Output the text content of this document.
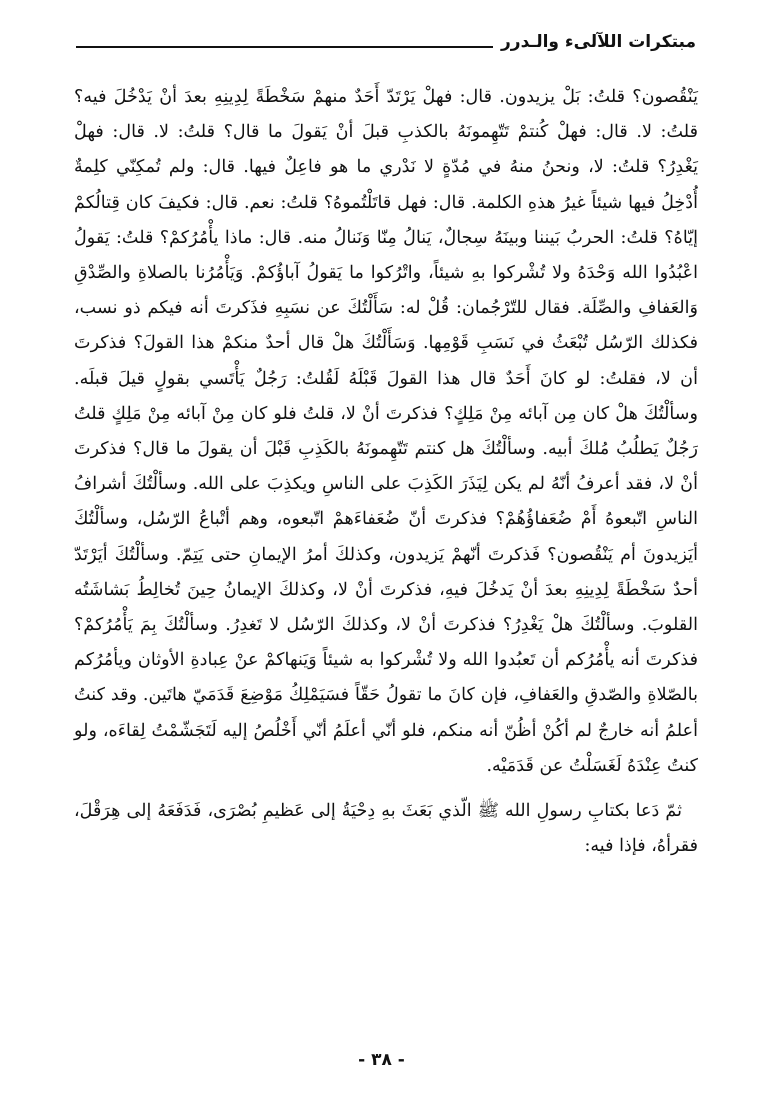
مبتكرات اللآلىء والـدرر

يَنْقُصون؟ قلتُ: بَلْ يزيدون. قال: فهلْ يَرْتَدّ أَحَدٌ منهمْ سَخْطَةً لِدِينِهِ بعدَ أنْ يَدْخُلَ فيه؟ قلتُ: لا. قال: فهلْ كُنتمْ تَتّهِمونَهُ بالكذبِ قبلَ أنْ يَقولَ ما قال؟ قلتُ: لا. قال: فهلْ يَغْدِرُ؟ قلتُ: لا، ونحنُ منهُ في مُدّةٍ لا نَدْري ما هو فاعِلٌ فيها. قال: ولم تُمكِنّي كلِمةٌ أُدْخِلُ فيها شيئاً غيرُ هذهِ الكلمة. قال: فهل قاتَلْتُموهُ؟ قلتُ: نعم. قال: فكيفَ كان قِتالُكمْ إيّاهُ؟ قلتُ: الحربُ بَيننا وبينَهُ سِجالٌ، يَنالُ مِنّا وَنَنالُ منه. قال: ماذا يأْمُرُكمْ؟ قلتُ: يَقولُ اعْبُدُوا الله وَحْدَهُ ولا تُشْركوا بهِ شيئاً، واتْرُكوا ما يَقولُ آباؤُكمْ. وَيَأْمُرُنا بالصلاةِ والصِّدْقِ وَالعَفافِ والصِّلَة. فقال للتّرْجُمان: قُلْ له: سَأَلْتُكَ عن نسَبِهِ فذَكرتَ أنه فيكم ذو نسب، فكذلك الرّسُل تُبْعَثُ في نَسَبِ قَوْمِها. وَسَأَلْتُكَ هلْ قال أحدٌ منكمْ هذا القولَ؟ فذكرتَ أن لا، فقلتُ: لو كانَ أَحَدٌ قال هذا القولَ قَبْلَهُ لَقُلتُ: رَجُلٌ يَأْتَسي بقولٍ قيلَ قبلَه. وسألْتُكَ هلْ كان مِن آبائه مِنْ مَلِكٍ؟ فذكرتَ أنْ لا، قلتُ فلو كان مِنْ آبائه مِنْ مَلِكٍ قلتُ رَجُلٌ يَطلُبُ مُلكَ أبيه. وسألْتُكَ هل كنتم تَتّهِمونَهُ بالكَذِبِ قَبْلَ أن يقولَ ما قال؟ فذكرتَ أنْ لا، فقد أعرفُ أنّهُ لم يكن لِيَذَرَ الكَذِبَ على الناسِ ويكذِبَ على الله. وسألْتُكَ أشرافُ الناسِ اتّبعوهُ أَمْ ضُعَفاؤُهُمْ؟ فذكرتَ أنّ ضُعَفاءَهمْ اتّبعوه، وهم أتْباعُ الرّسُل، وسألْتُكَ أيَزيدونَ أم يَنْقُصون؟ فَذكرتَ أنّهمْ يَزيدون، وكذلكَ أمرُ الإيمانِ حتى يَتِمّ. وسألْتُكَ أيَرْتَدّ أحدٌ سَخْطَةً لِدِينِهِ بعدَ أنْ يَدخُلَ فيهِ، فذكرتَ أنْ لا، وكذلكَ الإيمانُ حِينَ تُخالِطُ بَشاشَتُه القلوبَ. وسألْتُكَ هلْ يَغْدِرُ؟ فذكرتَ أنْ لا، وكذلكَ الرّسُل لا تَغدِرُ. وسألْتُكَ بِمَ يَأْمُرُكمْ؟ فذكرتَ أنه يأْمُرُكم أن تَعبُدوا الله ولا تُشْركوا به شيئاً وَيَنهاكمْ عنْ عِبادةِ الأوثان ويأمُرُكم بالصّلاةِ والصّدقِ والعَفافِ، فإن كانَ ما تقولُ حَقّاً فسَيَمْلِكُ مَوْضِعَ قَدَمَيّ هاتَين. وقد كنتُ أعلمُ أنه خارجٌ لم أكُنْ أظُنّ أنه منكم، فلو أنّي أعلَمُ أنّي أَخْلُصُ إليه لَتَجَشّمْتُ لِقاءَه، ولو كنتُ عِنْدَهُ لَغَسَلْتُ عن قَدَمَيْه.

ثمّ دَعا بكتابِ رسولِ الله ﷺ الّذي بَعَثَ بهِ دِحْيَةُ إلى عَظيمِ بُصْرَى، فَدَفَعَهُ إلى هِرَقْلَ، فقرأهُ، فإذا فيه:

- ٣٨ -
